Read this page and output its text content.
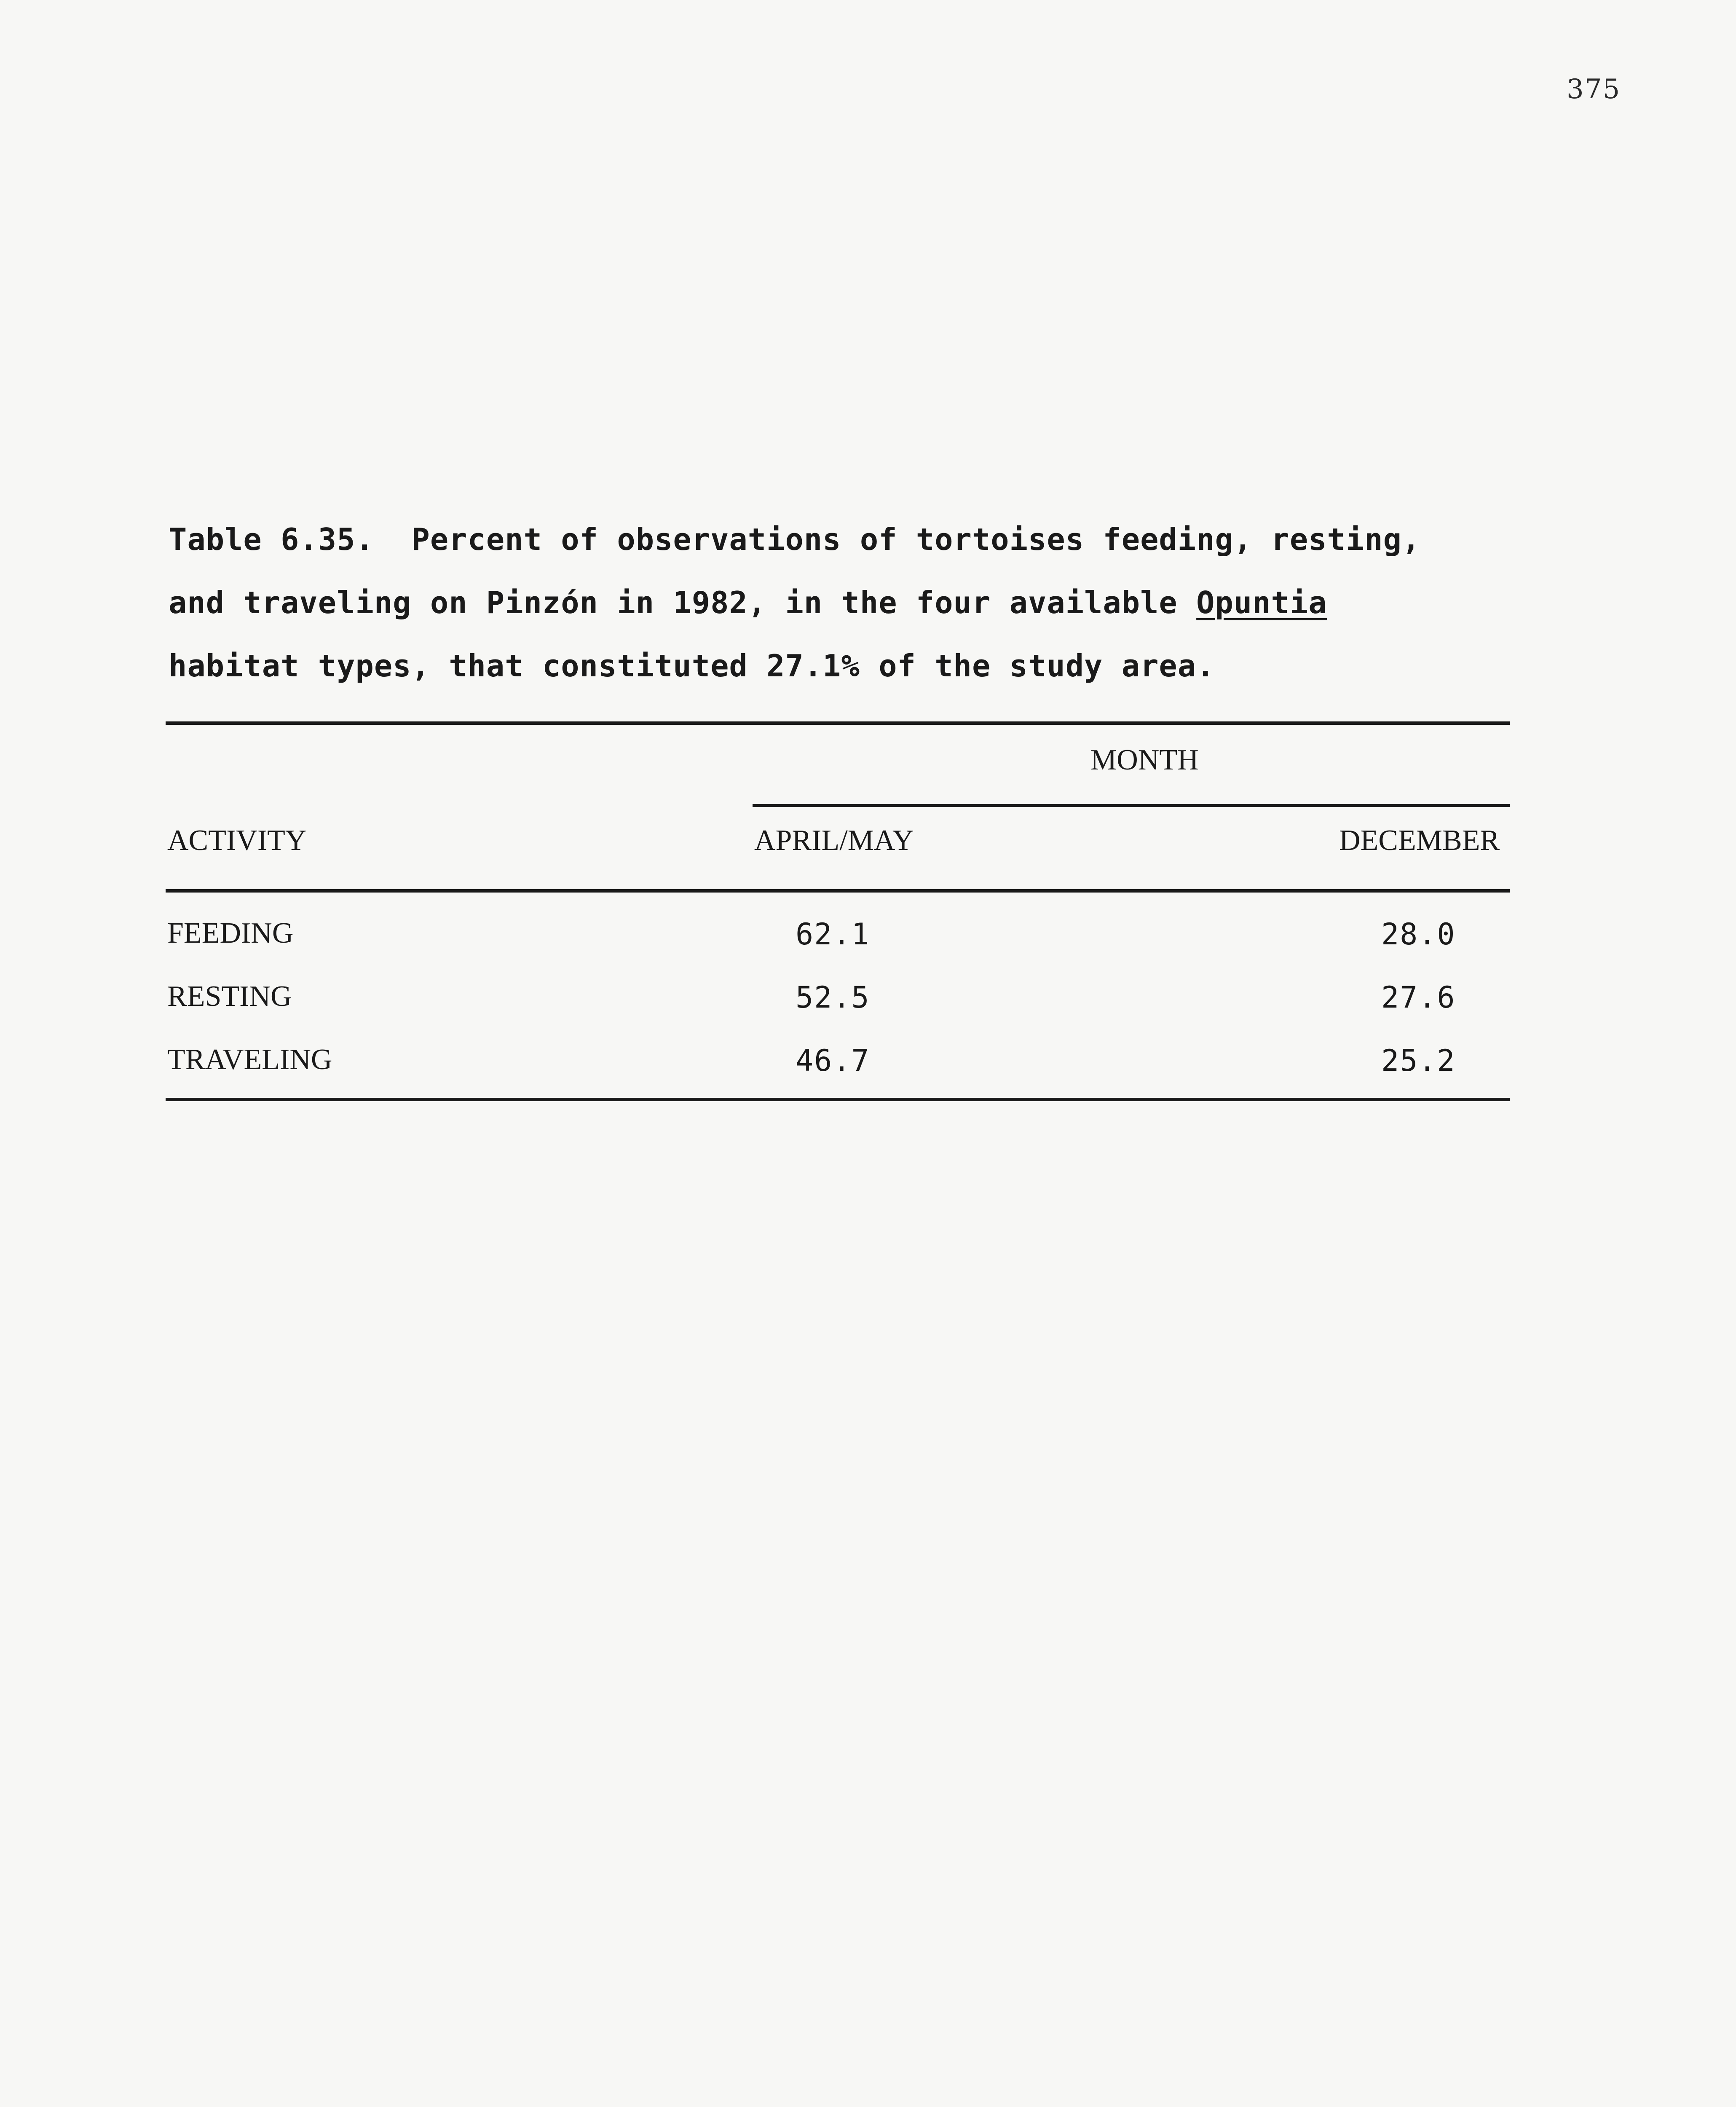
375
Table 6.35.  Percent of observations of tortoises feeding, resting,
and traveling on Pinzón in 1982, in the four available Opuntia
habitat types, that constituted 27.1% of the study area.
MONTH
ACTIVITY	APRIL/MAY	DECEMBER
FEEDING	62.1	28.0
RESTING	52.5	27.6
TRAVELING	46.7	25.2
